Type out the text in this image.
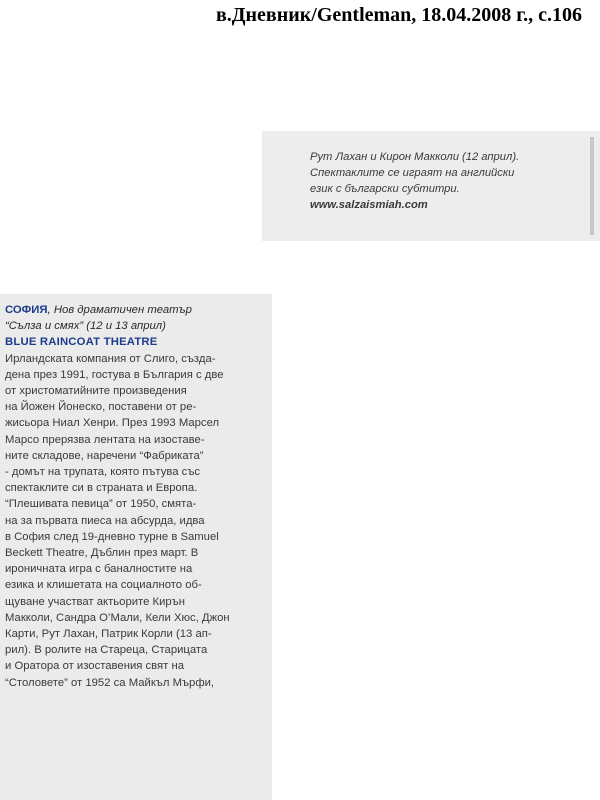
в.Дневник/Gentleman, 18.04.2008 г., с.106
Рут Лахан и Кирон Макколи (12 април).
Спектаклите се играят на английски
език с български субтитри.
www.salzaismiah.com
СОФИЯ, Нов драматичен театър
“Сълза и смях” (12 и 13 април)
BLUE RAINCOAT THEATRE
Ирландската компания от Слиго, създа-
дена през 1991, гостува в България с две
от христоматийните произведения
на Йожен Йонеско, поставени от ре-
жисьора Ниал Хенри. През 1993 Марсел
Марсо прерязва лентата на изоставе-
ните складове, наречени “Фабриката”
- домът на трупата, която пътува със
спектаклите си в страната и Европа.
“Плешивата певица” от 1950, смята-
на за първата пиеса на абсурда, идва
в София след 19-дневно турне в Samuel
Beckett Theatre, Дъблин през март. В
ироничната игра с баналностите на
езика и клишетата на социалното об-
щуване участват актьорите Кирън
Макколи, Сандра О’Мали, Кели Хюс, Джон
Карти, Рут Лахан, Патрик Корли (13 ап-
рил). В ролите на Стареца, Старицата
и Оратора от изоставения свят на
“Столовете” от 1952 са Майкъл Мърфи,
